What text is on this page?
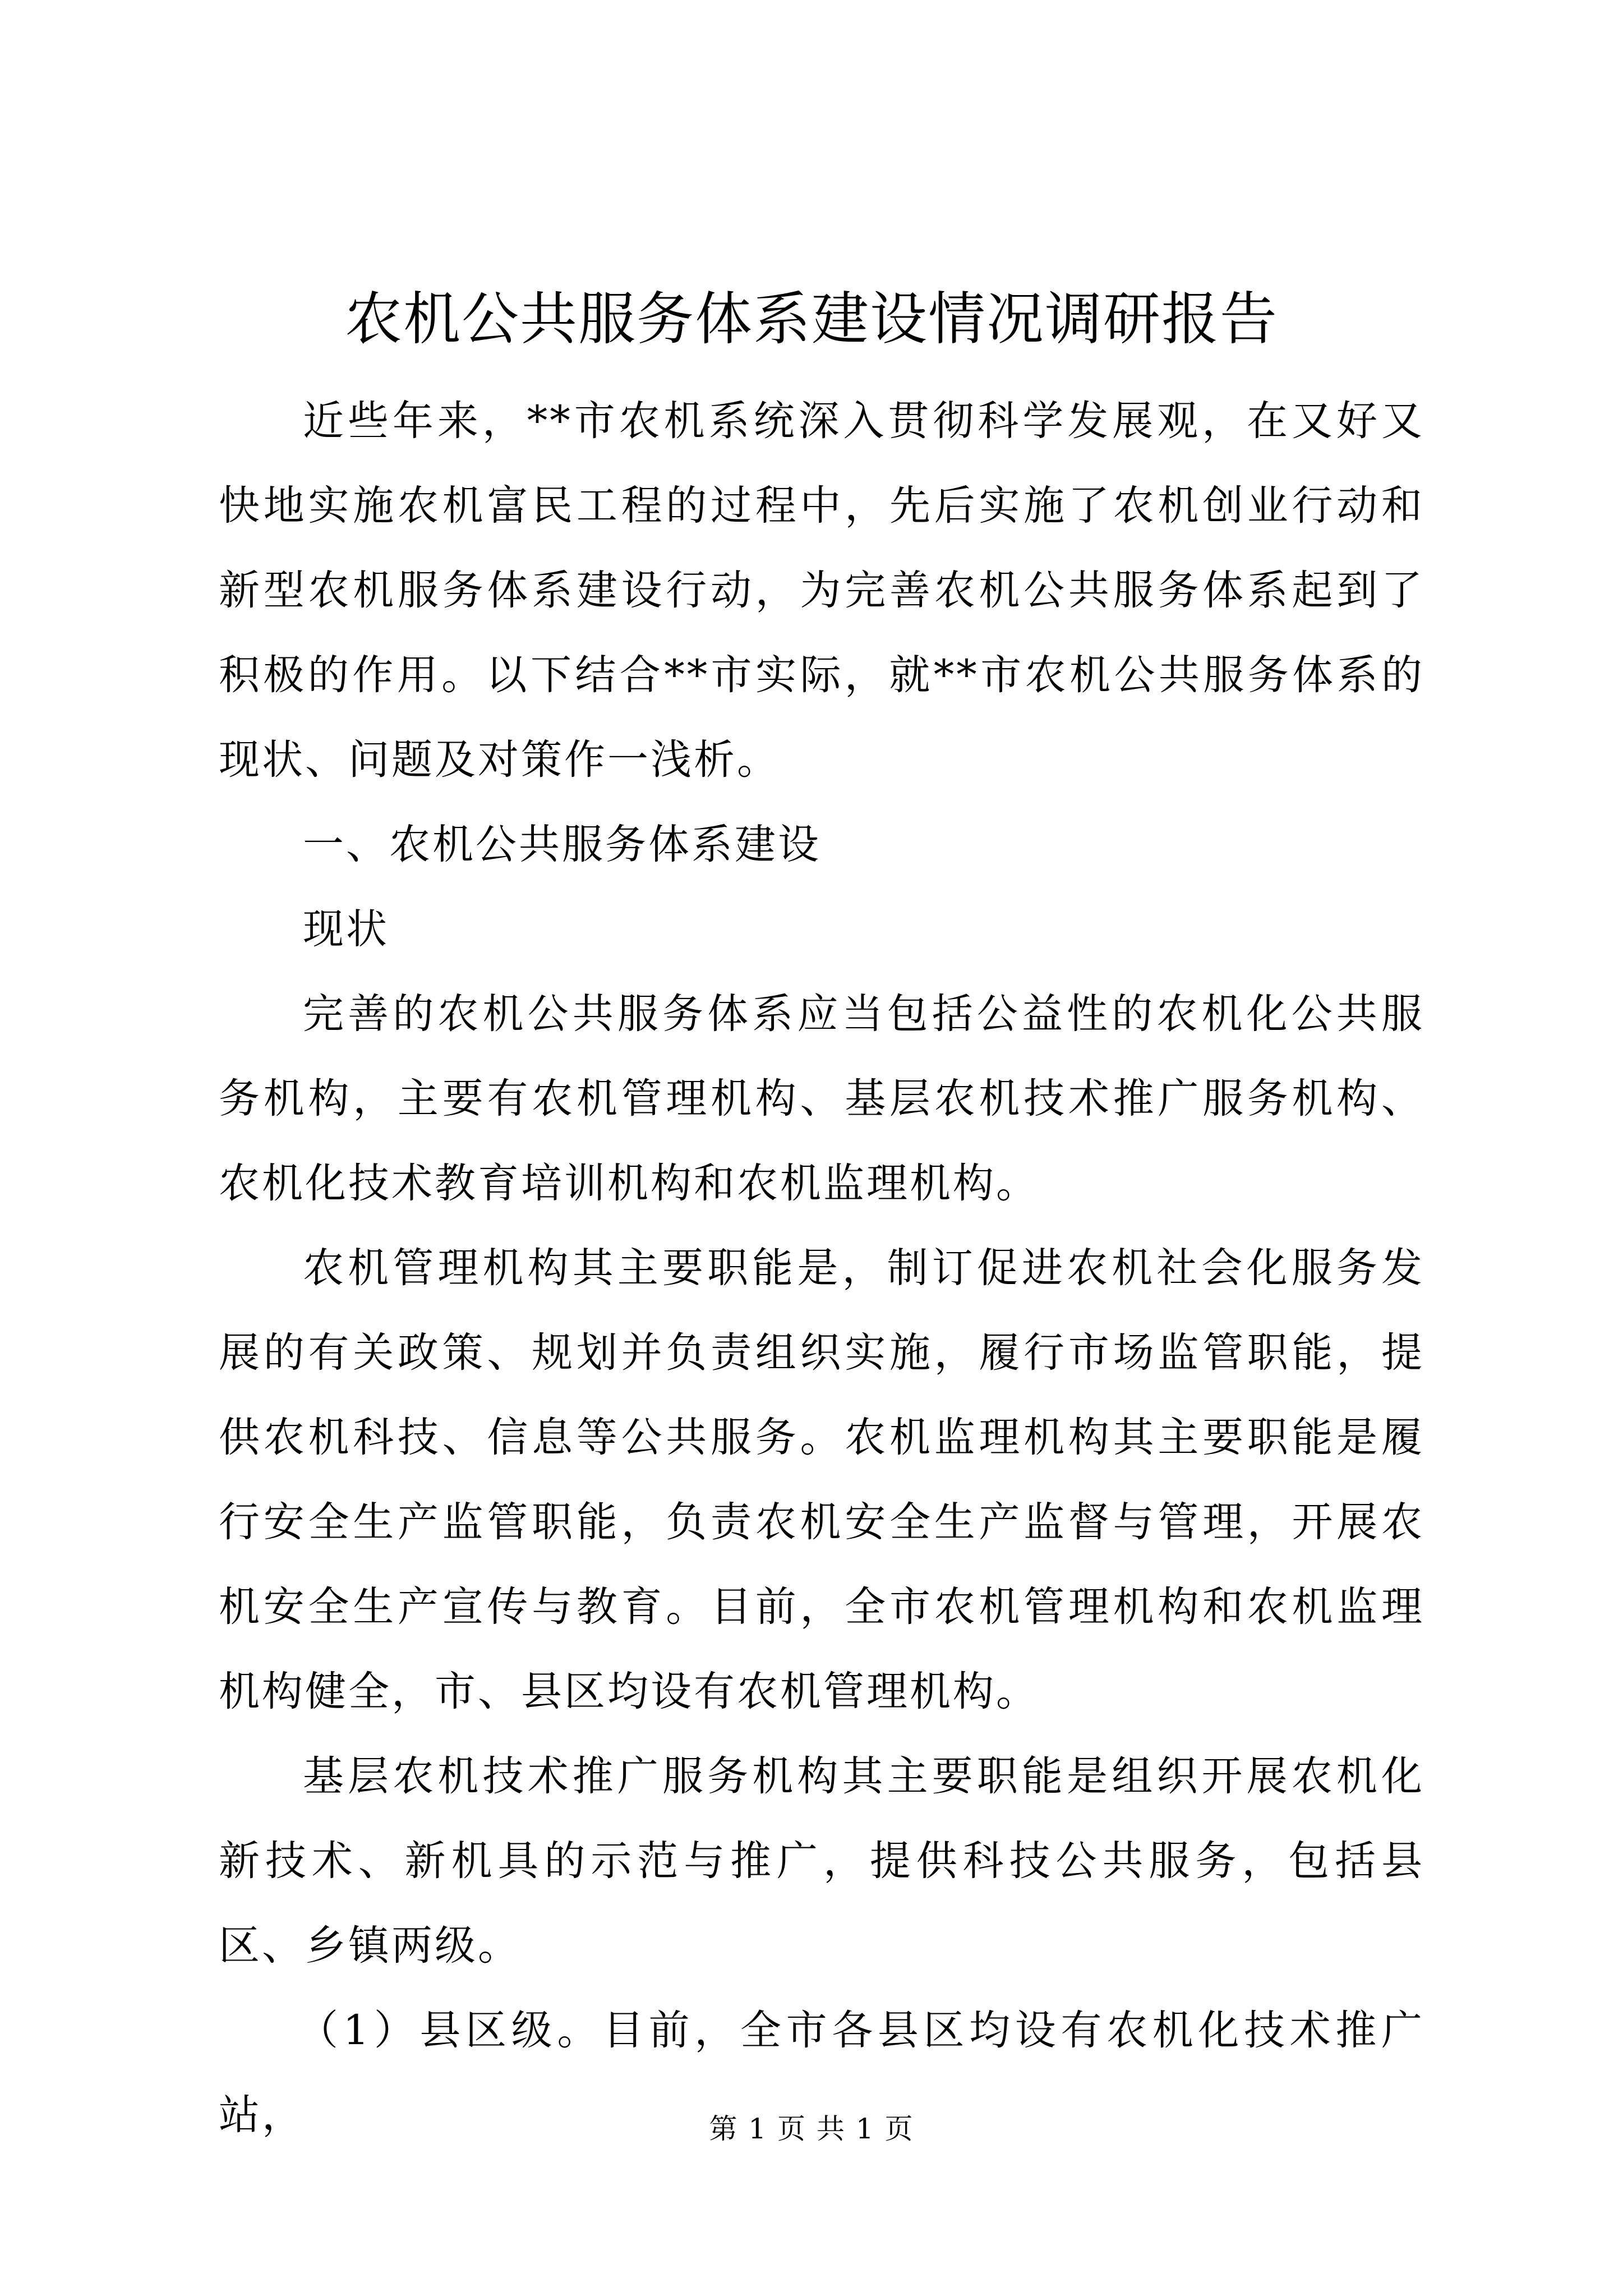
农机公共服务体系建设情况调研报告

近些年来，**市农机系统深入贯彻科学发展观，在又好又快地实施农机富民工程的过程中，先后实施了农机创业行动和新型农机服务体系建设行动，为完善农机公共服务体系起到了积极的作用。以下结合**市实际，就**市农机公共服务体系的现状、问题及对策作一浅析。

一、农机公共服务体系建设

现状

完善的农机公共服务体系应当包括公益性的农机化公共服务机构，主要有农机管理机构、基层农机技术推广服务机构、农机化技术教育培训机构和农机监理机构。

农机管理机构其主要职能是，制订促进农机社会化服务发展的有关政策、规划并负责组织实施，履行市场监管职能，提供农机科技、信息等公共服务。农机监理机构其主要职能是履行安全生产监管职能，负责农机安全生产监督与管理，开展农机安全生产宣传与教育。目前，全市农机管理机构和农机监理机构健全，市、县区均设有农机管理机构。

基层农机技术推广服务机构其主要职能是组织开展农机化新技术、新机具的示范与推广，提供科技公共服务，包括县区、乡镇两级。

（1）县区级。目前，全市各县区均设有农机化技术推广站，	第 1 页 共 1 页
